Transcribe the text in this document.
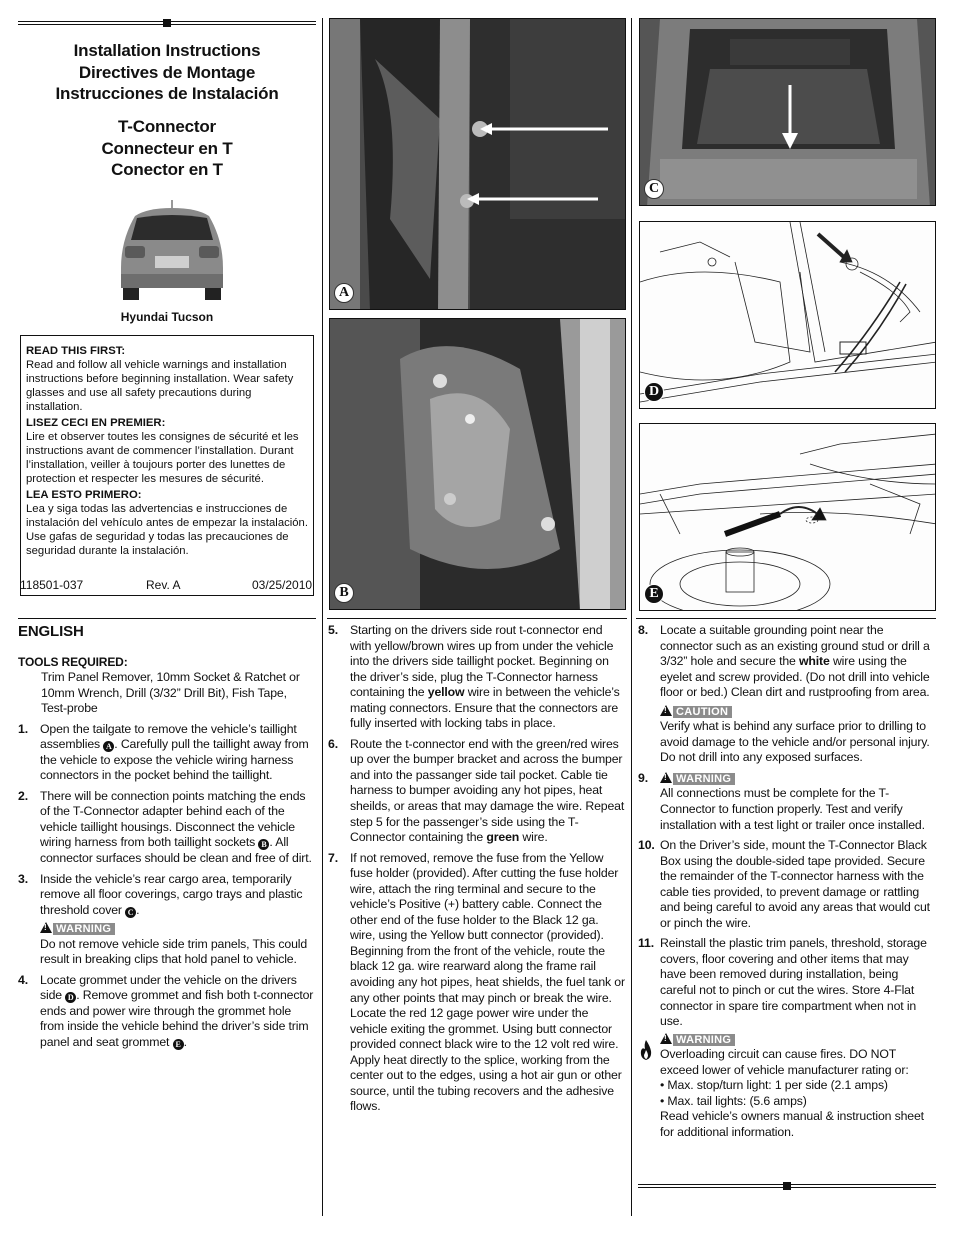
Installation Instructions
Directives de Montage
Instrucciones de Instalación
T-Connector
Connecteur en T
Conector en T
Hyundai Tucson
READ THIS FIRST:

Read and follow all vehicle warnings and installation instructions before beginning installation. Wear safety glasses and use all safety precautions during installation.

LISEZ CECI EN PREMIER:

Lire et observer toutes les consignes de sécurité et les instructions avant de commencer l’installation. Durant l’installation, veiller à toujours porter des lunettes de protection et respecter les mesures de sécurité.

LEA ESTO PRIMERO:

Lea y siga todas las advertencias e instrucciones de instalación del vehículo antes de empezar la instalación. Use gafas de seguridad y todas las precauciones de seguridad durante la instalación.

118501-037	Rev. A	03/25/2010
A
B
C
D
E
ENGLISH
TOOLS REQUIRED:
Trim Panel Remover, 10mm Socket & Ratchet or 10mm Wrench, Drill (3/32” Drill Bit), Fish Tape, Test-probe
1. Open the tailgate to remove the vehicle’s taillight assemblies A . Carefully pull the taillight away from the vehicle to expose the vehicle wiring harness connectors in the pocket behind the taillight.
2. There will be connection points matching the ends of the T-Connector adapter behind each of the vehicle taillight housings. Disconnect the vehicle wiring harness from both taillight sockets B . All connector surfaces should be clean and free of dirt.
3. Inside the vehicle’s rear cargo area, temporarily remove all floor coverings, cargo trays and plastic threshold cover C .
!WARNING
Do not remove vehicle side trim panels, This could result in breaking clips that hold panel to vehicle.
4. Locate grommet under the vehicle on the drivers side D . Remove grommet and fish both t-connector ends and power wire through the grommet hole from inside the vehicle behind the driver’s side trim panel and seat grommet E .
5. Starting on the drivers side rout t-connector end with yellow/brown wires up from under the vehicle into the drivers side taillight pocket. Beginning on the driver’s side, plug the T-Connector harness containing the yellow wire in between the vehicle’s mating connectors. Ensure that the connectors are fully inserted with locking tabs in place.
6. Route the t-connector end with the green/red wires up over the bumper bracket and across the bumper and into the passanger side tail pocket. Cable tie harness to bumper avoiding any hot pipes, heat sheilds, or areas that may damage the wire. Repeat step 5 for the passenger’s side using the T-Connector containing the green wire.
7. If not removed, remove the fuse from the Yellow fuse holder (provided). After cutting the fuse holder wire, attach the ring terminal and secure to the vehicle’s Positive (+) battery cable. Connect the other end of the fuse holder to the Black 12 ga. wire, using the Yellow butt connector (provided). Beginning from the front of the vehicle, route the black 12 ga. wire rearward along the frame rail avoiding any hot pipes, heat shields, the fuel tank or any other points that may pinch or break the wire. Locate the red 12 gage power wire under the vehicle exiting the grommet. Using butt connector provided connect black wire to the 12 volt red wire. Apply heat directly to the splice, working from the center out to the edges, using a hot air gun or other source, until the tubing recovers and the adhesive flows.
8. Locate a suitable grounding point near the connector such as an existing ground stud or drill a 3/32” hole and secure the white wire using the eyelet and screw provided. (Do not drill into vehicle floor or bed.) Clean dirt and rustproofing from area.
!CAUTION
Verify what is behind any surface prior to drilling to avoid damage to the vehicle and/or personal injury. Do not drill into any exposed surfaces.
9.
!	WARNING
All connections must be complete for the T-Connector to function properly. Test and verify installation with a test light or trailer once installed.
10. On the Driver’s side, mount the T-Connector Black Box using the double-sided tape provided. Secure the remainder of the T-connector harness with the cable ties provided, to prevent damage or rattling and being careful to avoid any areas that would cut or pinch the wire.
11. Reinstall the plastic trim panels, threshold, storage covers, floor covering and other items that may have been removed during installation, being careful not to pinch or cut the wires. Store 4-Flat connector in spare tire compartment when not in use.
!WARNING
Overloading circuit can cause fires. DO NOT exceed lower of vehicle manufacturer rating or:
• Max. stop/turn light: 1 per side (2.1 amps)
• Max. tail lights: (5.6 amps)
Read vehicle’s owners manual & instruction sheet for additional information.
